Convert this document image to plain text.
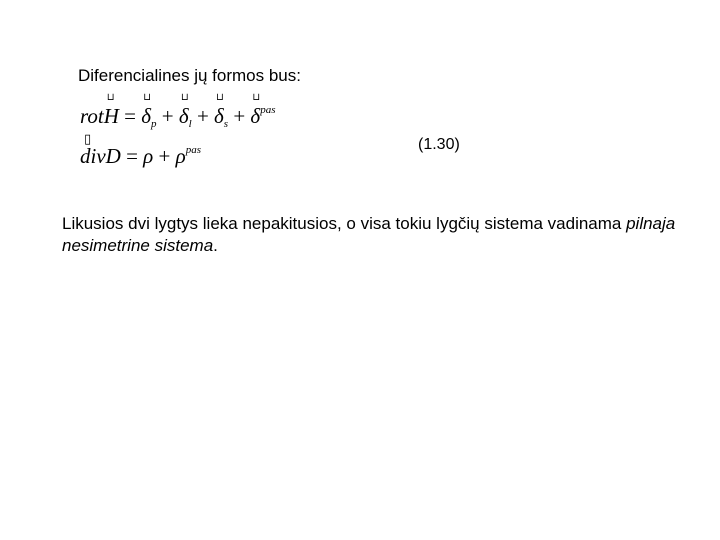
Diferencialines jų formos bus:
rot
⊔
H =
⊔
$\delta_p$ +
⊔
$\delta_l$ +
⊔
$\delta_s$ +
⊔
$\delta^{pas}$
▯
divD = $\rho + \rho^{pas}$	(1.30)
Likusios dvi lygtys lieka nepakitusios, o visa tokiu lygčių sistema vadinama pilnaja nesimetrine sistema.
